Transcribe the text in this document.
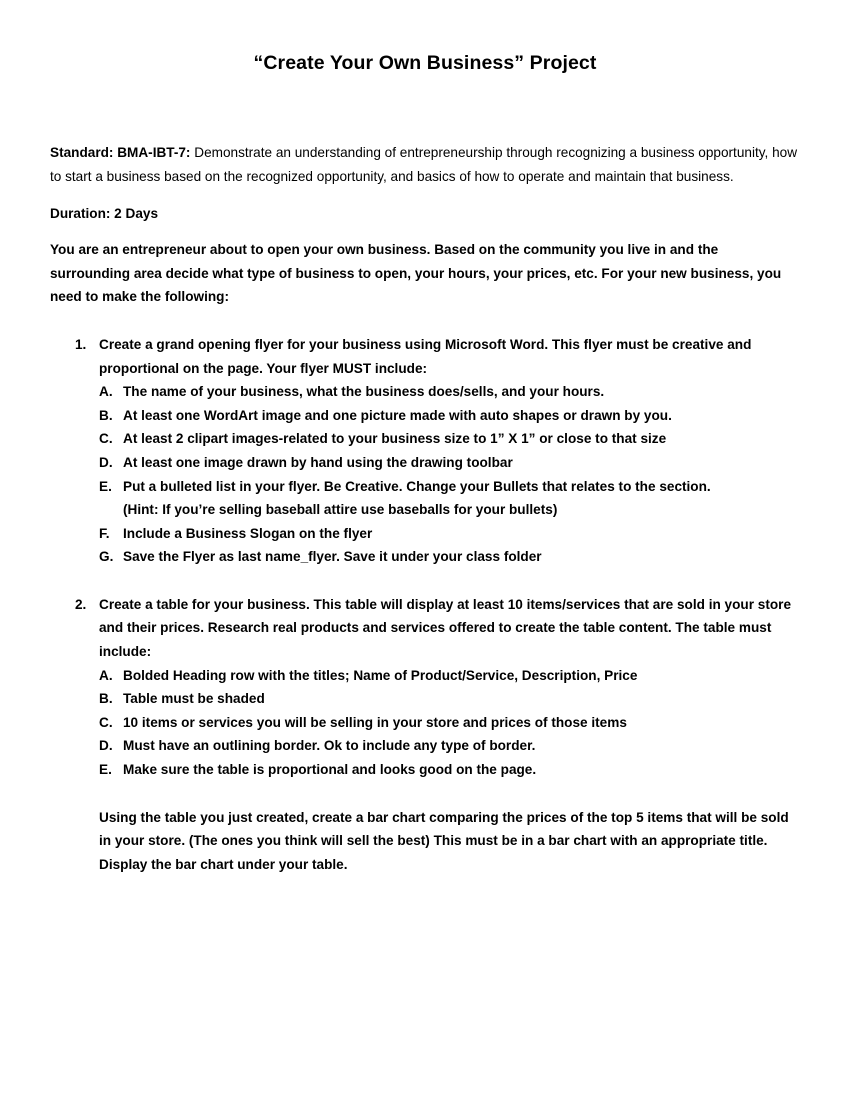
“Create Your Own Business” Project

Standard: BMA-IBT-7: Demonstrate an understanding of entrepreneurship through recognizing a business opportunity, how to start a business based on the recognized opportunity, and basics of how to operate and maintain that business.

Duration: 2 Days

You are an entrepreneur about to open your own business. Based on the community you live in and the surrounding area decide what type of business to open, your hours, your prices, etc. For your new business, you need to make the following:

1. Create a grand opening flyer for your business using Microsoft Word. This flyer must be creative and proportional on the page. Your flyer MUST include:
A. The name of your business, what the business does/sells, and your hours.
B. At least one WordArt image and one picture made with auto shapes or drawn by you.
C. At least 2 clipart images-related to your business size to 1” X 1” or close to that size
D. At least one image drawn by hand using the drawing toolbar
E. Put a bulleted list in your flyer. Be Creative. Change your Bullets that relates to the section.
(Hint: If you’re selling baseball attire use baseballs for your bullets)
F. Include a Business Slogan on the flyer
G. Save the Flyer as last name_flyer. Save it under your class folder
2. Create a table for your business. This table will display at least 10 items/services that are sold in your store and their prices. Research real products and services offered to create the table content. The table must include:
A. Bolded Heading row with the titles; Name of Product/Service, Description, Price
B. Table must be shaded
C. 10 items or services you will be selling in your store and prices of those items
D. Must have an outlining border. Ok to include any type of border.
E. Make sure the table is proportional and looks good on the page.
Using the table you just created, create a bar chart comparing the prices of the top 5 items that will be sold in your store. (The ones you think will sell the best) This must be in a bar chart with an appropriate title. Display the bar chart under your table.
